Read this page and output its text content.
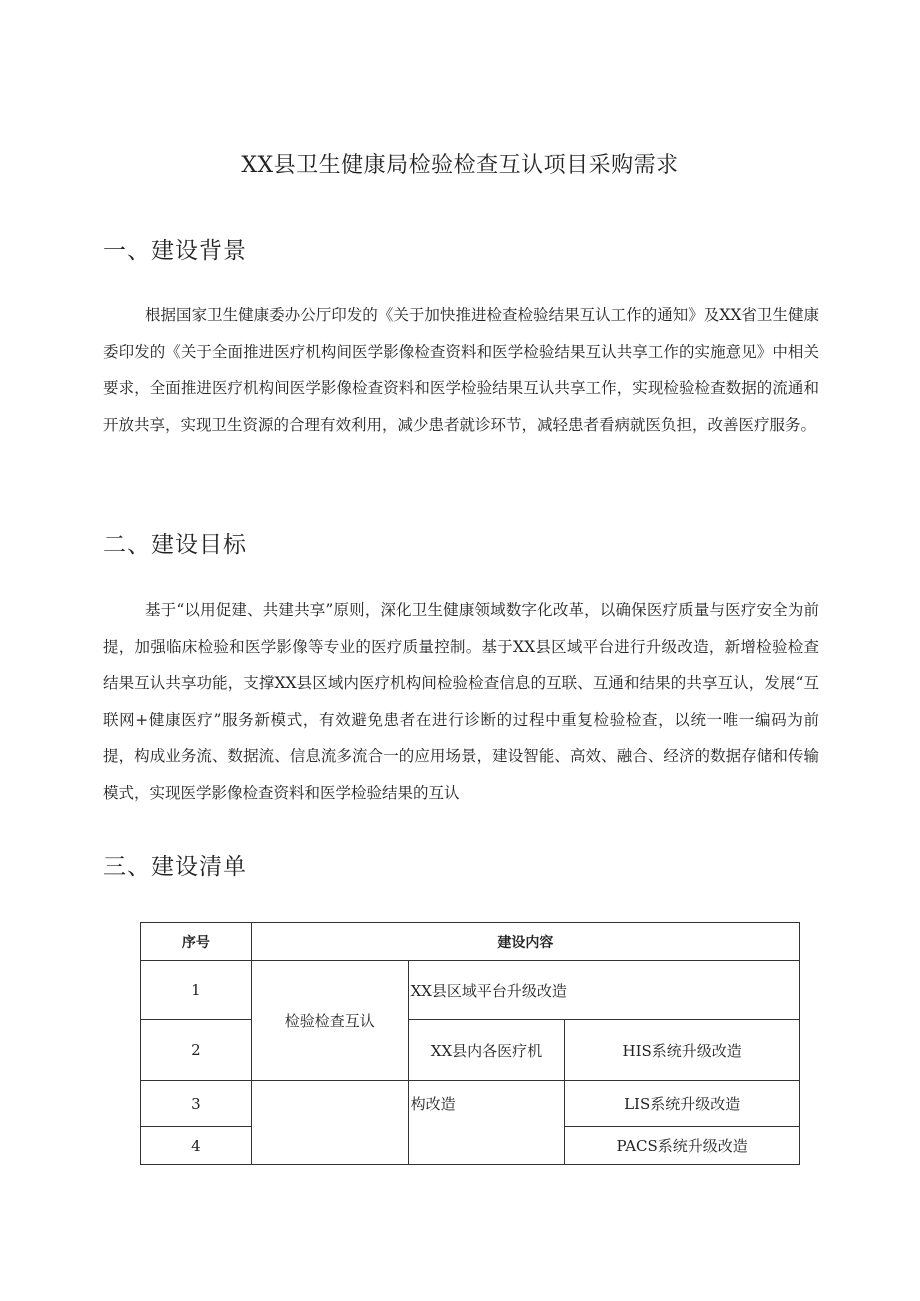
XX县卫生健康局检验检查互认项目采购需求
一、建设背景
根据国家卫生健康委办公厅印发的《关于加快推进检查检验结果互认工作的通知》及XX省卫生健康委印发的《关于全面推进医疗机构间医学影像检查资料和医学检验结果互认共享工作的实施意见》中相关要求，全面推进医疗机构间医学影像检查资料和医学检验结果互认共享工作，实现检验检查数据的流通和开放共享，实现卫生资源的合理有效利用，减少患者就诊环节，减轻患者看病就医负担，改善医疗服务。
二、建设目标
基于“以用促建、共建共享”原则，深化卫生健康领域数字化改革，以确保医疗质量与医疗安全为前提，加强临床检验和医学影像等专业的医疗质量控制。基于XX县区域平台进行升级改造，新增检验检查结果互认共享功能，支撑XX县区域内医疗机构间检验检查信息的互联、互通和结果的共享互认，发展“互联网+健康医疗”服务新模式，有效避免患者在进行诊断的过程中重复检验检查，以统一唯一编码为前提，构成业务流、数据流、信息流多流合一的应用场景，建设智能、高效、融合、经济的数据存储和传输模式，实现医学影像检查资料和医学检验结果的互认
三、建设清单
序号	建设内容		
1	检验检查互认	XX县区域平台升级改造	
2		XX县内各医疗机	HIS系统升级改造
3		构改造	LIS系统升级改造
4			PACS系统升级改造
